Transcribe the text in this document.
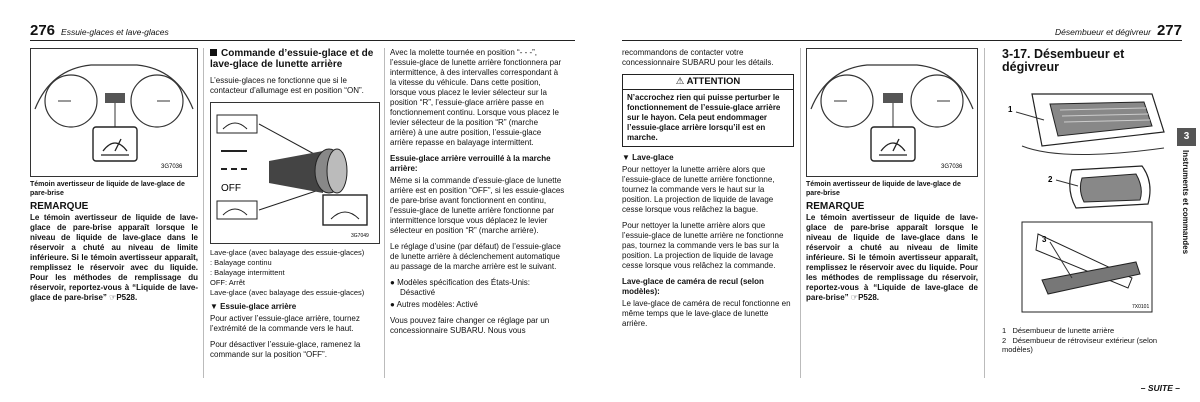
276 Essuie-glaces et lave-glaces
3G7036
Témoin avertisseur de liquide de lave-glace de pare-brise
REMARQUE
Le témoin avertisseur de liquide de lave-glace de pare-brise apparaît lorsque le niveau de liquide de lave-glace dans le réservoir a chuté au niveau de limite inférieure. Si le témoin avertisseur apparaît, remplissez le réservoir avec du liquide. Pour les méthodes de remplissage du réservoir, reportez-vous à “Liquide de lave-glace de pare-brise” ☞P528.
Commande d’essuie-glace et de lave-glace de lunette arrière

L’essuie-glaces ne fonctionne que si le contacteur d’allumage est en position “ON”.

OFF
3G7049
Lave-glace (avec balayage des essuie-glaces)
: Balayage continu
: Balayage intermittent
OFF: Arrêt
Lave-glace (avec balayage des essuie-glaces)
▼ Essuie-glace arrière

Pour activer l’essuie-glace arrière, tournez l’extrémité de la commande vers le haut.

Pour désactiver l’essuie-glace, ramenez la commande sur la position “OFF”.

Avec la molette tournée en position “- - -”, l’essuie-glace de lunette arrière fonctionnera par intermittence, à des intervalles correspondant à la vitesse du véhicule. Dans cette position, lorsque vous placez le levier sélecteur sur la position “R”, l’essuie-glace arrière passe en fonctionnement continu. Lorsque vous placez le levier sélecteur de la position “R” (marche arrière) à une autre position, l’essuie-glace arrière repasse en balayage intermittent.

Essuie-glace arrière verrouillé à la marche arrière:

Même si la commande d’essuie-glace de lunette arrière est en position “OFF”, si les essuie-glaces de pare-brise avant fonctionnent en continu, l’essuie-glace de lunette arrière fonctionne par intermittence lorsque vous déplacez le levier sélecteur en position “R” (marche arrière).

Le réglage d’usine (par défaut) de l’essuie-glace de lunette arrière à déclenchement automatique au passage de la marche arrière est le suivant.

● Modèles spécification des États-Unis: Désactivé
● Autres modèles: Activé

Vous pouvez faire changer ce réglage par un concessionnaire SUBARU. Nous vous

Désembueur et dégivreur 277

recommandons de contacter votre concessionnaire SUBARU pour les détails.

⚠ ATTENTION
N’accrochez rien qui puisse perturber le fonctionnement de l’essuie-glace arrière sur le hayon. Cela peut endommager l’essuie-glace arrière lorsqu’il est en marche.
▼ Lave-glace

Pour nettoyer la lunette arrière alors que l’essuie-glace de lunette arrière fonctionne, tournez la commande vers le haut sur la position. La projection de liquide de lavage cesse lorsque vous relâchez la bague.

Pour nettoyer la lunette arrière alors que l’essuie-glace de lunette arrière ne fonctionne pas, tournez la commande vers le bas sur la position. La projection de liquide de lavage cesse lorsque vous relâchez la commande.

Lave-glace de caméra de recul (selon modèles):

Le lave-glace de caméra de recul fonctionne en même temps que le lave-glace de lunette arrière.

3G7036
Témoin avertisseur de liquide de lave-glace de pare-brise
REMARQUE
Le témoin avertisseur de liquide de lave-glace de pare-brise apparaît lorsque le niveau de liquide de lave-glace dans le réservoir a chuté au niveau de limite inférieure. Si le témoin avertisseur apparaît, remplissez le réservoir avec du liquide. Pour les méthodes de remplissage du réservoir, reportez-vous à “Liquide de lave-glace de pare-brise” ☞P528.
3-17. Désembueur et dégivreur
1
2
3
7X0101
1 Désembueur de lunette arrière
2 Désembueur de rétroviseur extérieur (selon modèles)
– SUITE –
3
Instruments et commandes
